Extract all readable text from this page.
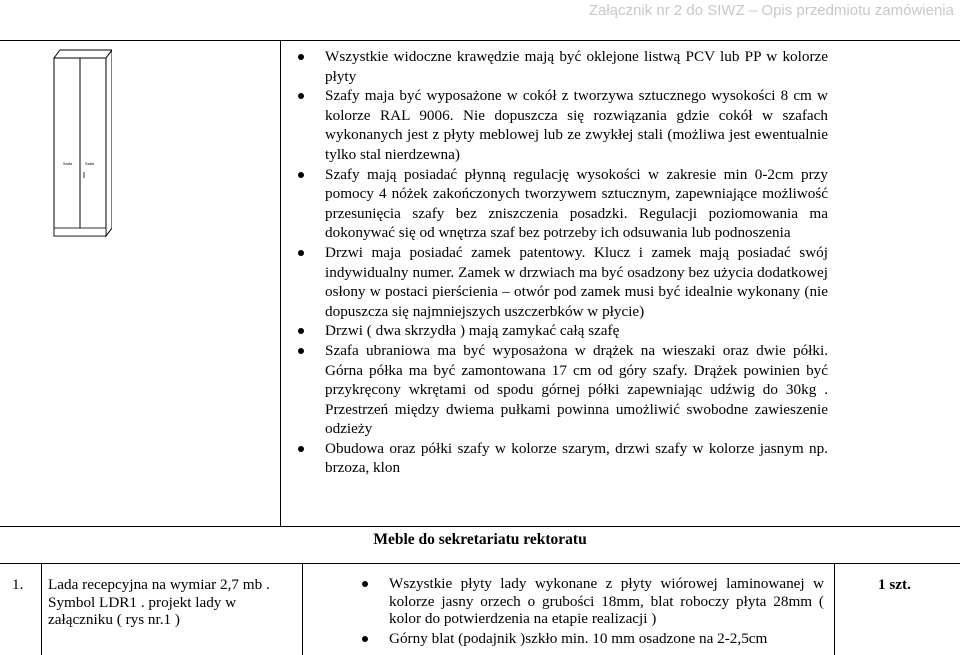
Załącznik nr 2 do SIWZ – Opis przedmiotu zamówienia
Szafa	Szafa
Wszystkie widoczne krawędzie mają być oklejone listwą PCV lub PP w kolorze płyty
Szafy maja być wyposażone w cokół z tworzywa sztucznego wysokości 8 cm w kolorze RAL 9006. Nie dopuszcza się rozwiązania gdzie cokół w szafach wykonanych jest z płyty meblowej lub ze zwykłej stali (możliwa jest ewentualnie tylko stal nierdzewna)
Szafy mają posiadać płynną regulację wysokości w zakresie min 0-2cm przy pomocy 4 nóżek zakończonych tworzywem sztucznym, zapewniające możliwość przesunięcia szafy bez zniszczenia posadzki. Regulacji poziomowania ma dokonywać się od wnętrza szaf bez potrzeby ich odsuwania lub podnoszenia
Drzwi maja posiadać zamek patentowy. Klucz i zamek mają posiadać swój indywidualny numer. Zamek w drzwiach ma być osadzony bez użycia dodatkowej osłony w postaci pierścienia – otwór pod zamek musi być idealnie wykonany (nie dopuszcza się najmniejszych uszczerbków w płycie)
Drzwi ( dwa skrzydła ) mają zamykać całą szafę
Szafa ubraniowa ma być wyposażona w drążek na wieszaki oraz dwie półki. Górna półka ma być zamontowana 17 cm od góry szafy. Drążek powinien być przykręcony wkrętami od spodu górnej półki zapewniając udźwig do 30kg . Przestrzeń między dwiema pułkami powinna umożliwić swobodne zawieszenie odzieży
Obudowa oraz półki szafy w kolorze szarym, drzwi szafy w kolorze jasnym np. brzoza, klon
Meble do sekretariatu rektoratu
1. Lada recepcyjna na wymiar 2,7 mb . Symbol LDR1 . projekt lady w załączniku ( rys nr.1 )
Wszystkie płyty lady wykonane z płyty wiórowej laminowanej w kolorze jasny orzech o grubości 18mm, blat roboczy płyta 28mm ( kolor do potwierdzenia na etapie realizacji )
Górny blat (podajnik )szkło min. 10 mm osadzone na 2-2,5cm
1 szt.
